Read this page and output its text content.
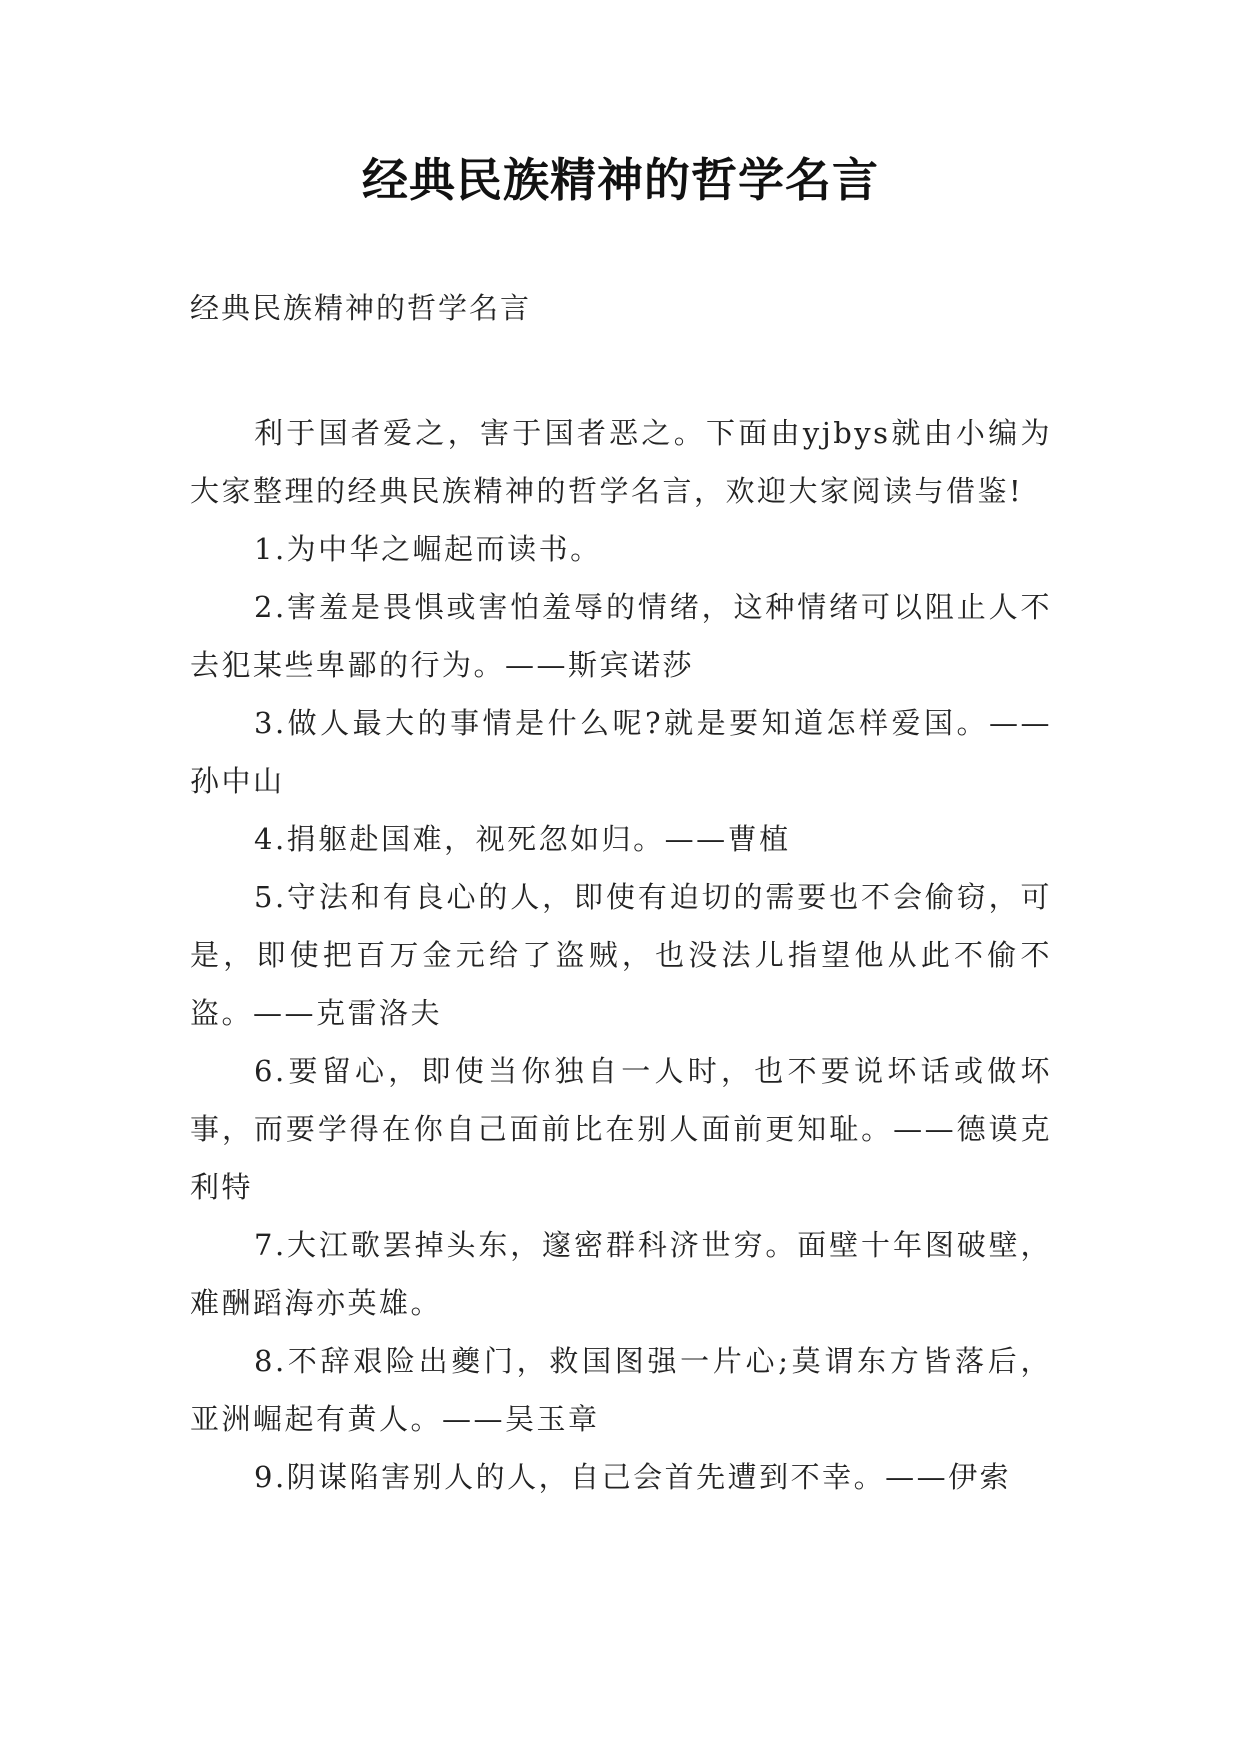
经典民族精神的哲学名言

经典民族精神的哲学名言

利于国者爱之，害于国者恶之。下面由yjbys就由小编为大家整理的经典民族精神的哲学名言，欢迎大家阅读与借鉴!

1.为中华之崛起而读书。

2.害羞是畏惧或害怕羞辱的情绪，这种情绪可以阻止人不去犯某些卑鄙的行为。——斯宾诺莎

3.做人最大的事情是什么呢?就是要知道怎样爱国。——孙中山

4.捐躯赴国难，视死忽如归。——曹植

5.守法和有良心的人，即使有迫切的需要也不会偷窃，可是，即使把百万金元给了盗贼，也没法儿指望他从此不偷不盗。——克雷洛夫

6.要留心，即使当你独自一人时，也不要说坏话或做坏事，而要学得在你自己面前比在别人面前更知耻。——德谟克利特

7.大江歌罢掉头东，邃密群科济世穷。面壁十年图破壁，难酬蹈海亦英雄。

8.不辞艰险出夔门，救国图强一片心;莫谓东方皆落后，亚洲崛起有黄人。——吴玉章

9.阴谋陷害别人的人，自己会首先遭到不幸。——伊索
